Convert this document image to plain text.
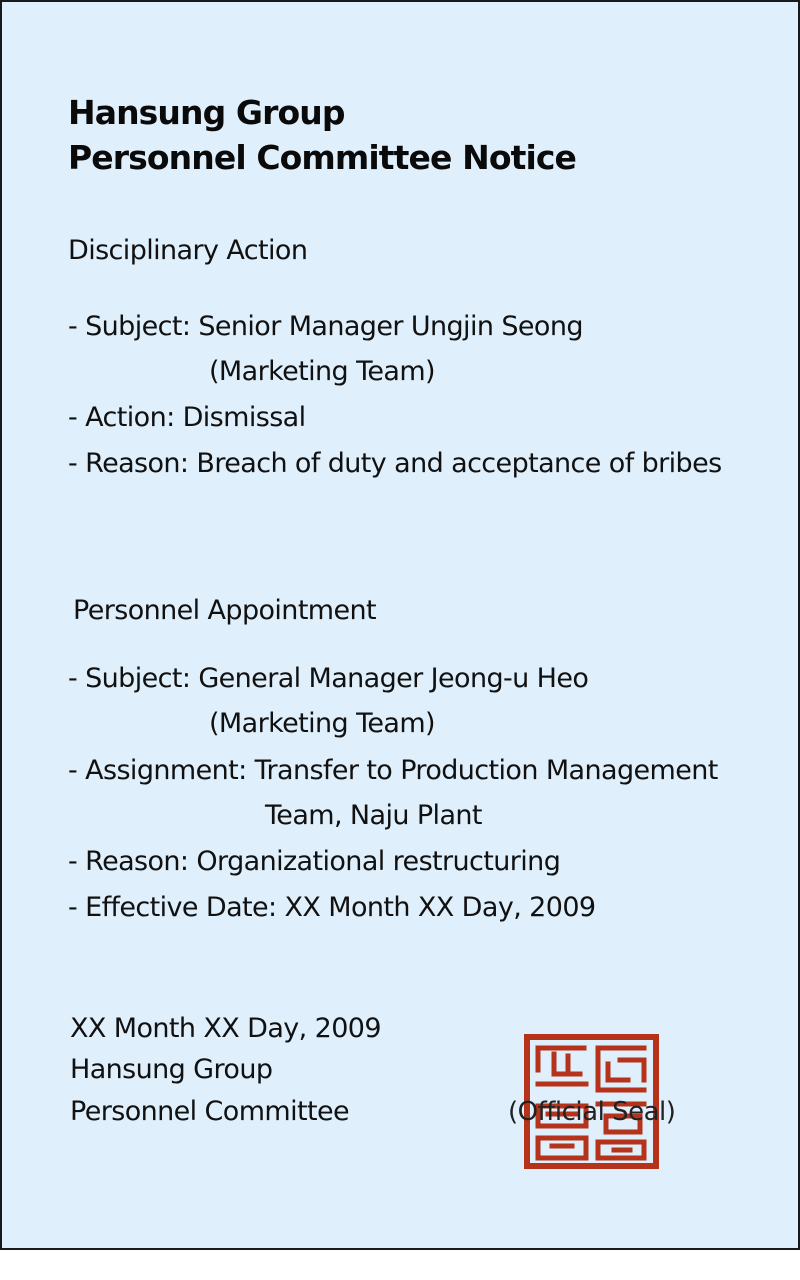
Hansung Group
Personnel Committee Notice
Disciplinary Action
- Subject: Senior Manager Ungjin Seong
(Marketing Team)
- Action: Dismissal
- Reason: Breach of duty and acceptance of bribes
Personnel Appointment
- Subject: General Manager Jeong-u Heo
(Marketing Team)
- Assignment: Transfer to Production Management
Team, Naju Plant
- Reason: Organizational restructuring
- Effective Date: XX Month XX Day, 2009
XX Month XX Day, 2009
Hansung Group
Personnel Committee	(Official Seal)
